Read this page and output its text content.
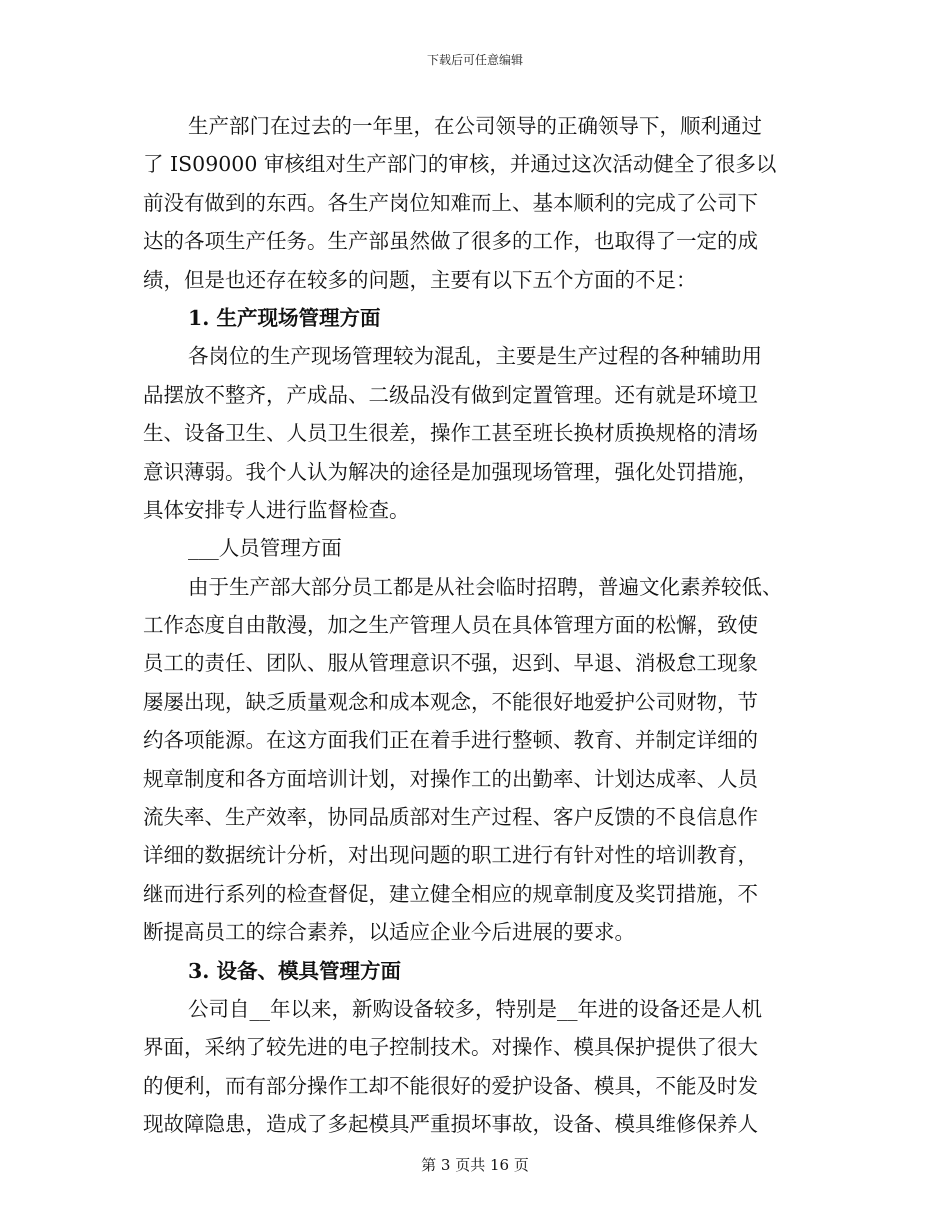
下载后可任意编辑
生产部门在过去的一年里，在公司领导的正确领导下，顺利通过
了 IS09000 审核组对生产部门的审核，并通过这次活动健全了很多以
前没有做到的东西。各生产岗位知难而上、基本顺利的完成了公司下
达的各项生产任务。生产部虽然做了很多的工作，也取得了一定的成
绩，但是也还存在较多的问题，主要有以下五个方面的不足：
1. 生产现场管理方面
各岗位的生产现场管理较为混乱，主要是生产过程的各种辅助用
品摆放不整齐，产成品、二级品没有做到定置管理。还有就是环境卫
生、设备卫生、人员卫生很差，操作工甚至班长换材质换规格的清场
意识薄弱。我个人认为解决的途径是加强现场管理，强化处罚措施，
具体安排专人进行监督检查。
___人员管理方面
由于生产部大部分员工都是从社会临时招聘，普遍文化素养较低、
工作态度自由散漫，加之生产管理人员在具体管理方面的松懈，致使
员工的责任、团队、服从管理意识不强，迟到、早退、消极怠工现象
屡屡出现，缺乏质量观念和成本观念，不能很好地爱护公司财物，节
约各项能源。在这方面我们正在着手进行整顿、教育、并制定详细的
规章制度和各方面培训计划，对操作工的出勤率、计划达成率、人员
流失率、生产效率，协同品质部对生产过程、客户反馈的不良信息作
详细的数据统计分析，对出现问题的职工进行有针对性的培训教育，
继而进行系列的检查督促，建立健全相应的规章制度及奖罚措施，不
断提高员工的综合素养，以适应企业今后进展的要求。
3. 设备、模具管理方面
公司自__年以来，新购设备较多，特别是__年进的设备还是人机
界面，采纳了较先进的电子控制技术。对操作、模具保护提供了很大
的便利，而有部分操作工却不能很好的爱护设备、模具，不能及时发
现故障隐患，造成了多起模具严重损坏事故，设备、模具维修保养人
第 3 页共 16 页
